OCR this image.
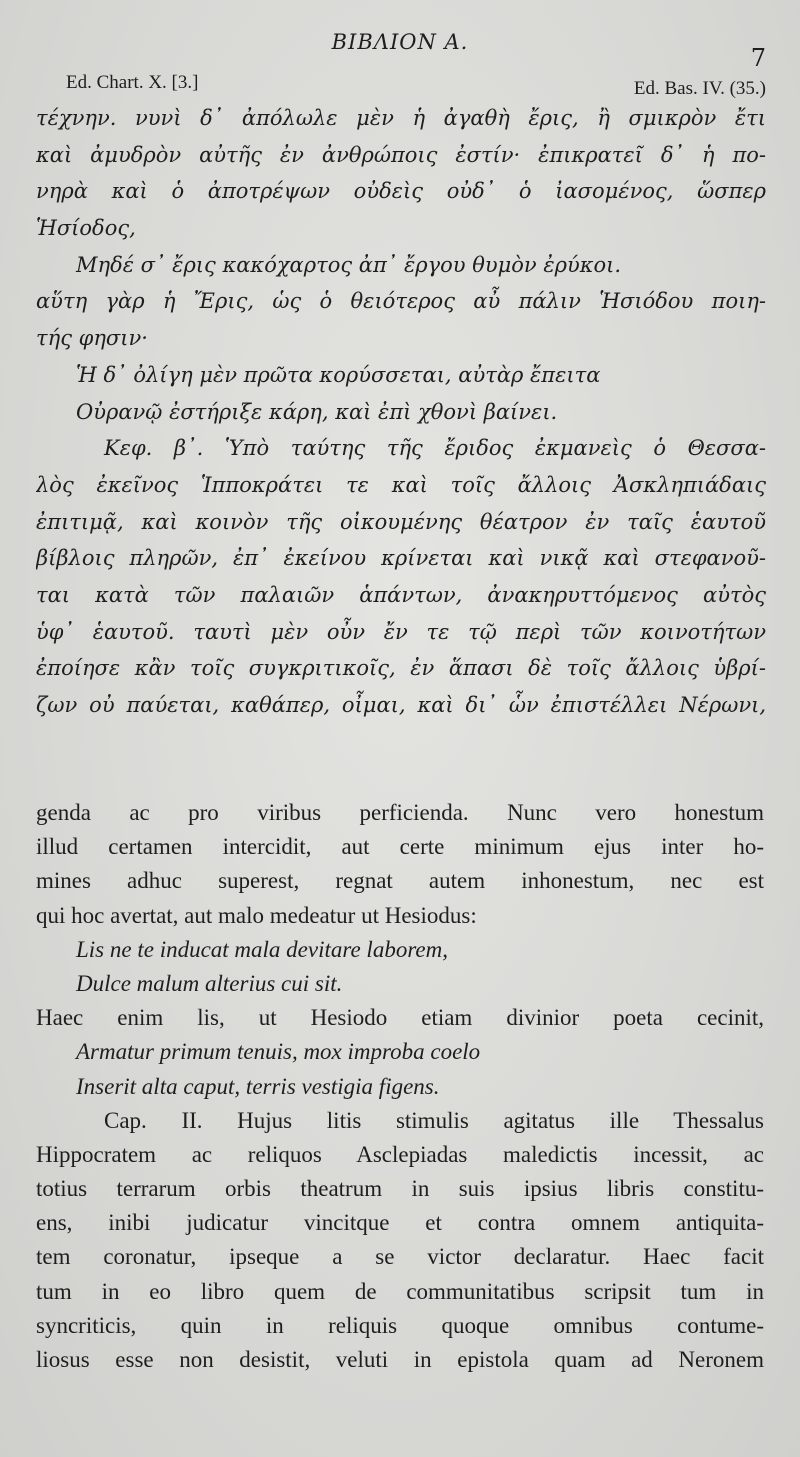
ΒΙΒΛΙΟΝ Α.
7
Ed. Chart. X. [3.]	Ed. Bas. IV. (35.)
τέχνην. νυνὶ δ᾽ ἀπόλωλε μὲν ἡ ἀγαθὴ ἔρις, ἢ σμικρὸν ἔτι
καὶ ἀμυδρὸν αὐτῆς ἐν ἀνθρώποις ἐστίν· ἐπικρατεῖ δ᾽ ἡ πο-
νηρὰ καὶ ὁ ἀποτρέψων οὐδεὶς οὐδ᾽ ὁ ἰασομένος, ὥσπερ
Ἡσίοδος,
Μηδέ σ᾽ ἔρις κακόχαρτος ἀπ᾽ ἔργου θυμὸν ἐρύκοι.
αὕτη γὰρ ἡ Ἔρις, ὡς ὁ θειότερος αὖ πάλιν Ἡσιόδου ποιη-
τής φησιν·
Ἡ δ᾽ ὀλίγη μὲν πρῶτα κορύσσεται, αὐτὰρ ἔπειτα
Οὐρανῷ ἐστήριξε κάρη, καὶ ἐπὶ χθονὶ βαίνει.
Κεφ. β᾽. Ὑπὸ ταύτης τῆς ἔριδος ἐκμανεὶς ὁ Θεσσα-
λὸς ἐκεῖνος Ἱπποκράτει τε καὶ τοῖς ἄλλοις Ἀσκληπιάδαις
ἐπιτιμᾷ, καὶ κοινὸν τῆς οἰκουμένης θέατρον ἐν ταῖς ἑαυτοῦ
βίβλοις πληρῶν, ἐπ᾽ ἐκείνου κρίνεται καὶ νικᾷ καὶ στεφανοῦ-
ται κατὰ τῶν παλαιῶν ἁπάντων, ἀνακηρυττόμενος αὐτὸς
ὑφ᾽ ἑαυτοῦ. ταυτὶ μὲν οὖν ἔν τε τῷ περὶ τῶν κοινοτήτων
ἐποίησε κἂν τοῖς συγκριτικοῖς, ἐν ἅπασι δὲ τοῖς ἄλλοις ὑβρί-
ζων οὐ παύεται, καθάπερ, οἶμαι, καὶ δι᾽ ὧν ἐπιστέλλει Νέρωνι,
genda ac pro viribus perficienda. Nunc vero honestum
illud certamen intercidit, aut certe minimum ejus inter ho-
mines adhuc superest, regnat autem inhonestum, nec est
qui hoc avertat, aut malo medeatur ut Hesiodus:
Lis ne te inducat mala devitare laborem,
Dulce malum alterius cui sit.
Haec enim lis, ut Hesiodo etiam divinior poeta cecinit,
Armatur primum tenuis, mox improba coelo
Inserit alta caput, terris vestigia figens.
Cap. II. Hujus litis stimulis agitatus ille Thessalus
Hippocratem ac reliquos Asclepiadas maledictis incessit, ac
totius terrarum orbis theatrum in suis ipsius libris constitu-
ens, inibi judicatur vincitque et contra omnem antiquita-
tem coronatur, ipseque a se victor declaratur. Haec facit
tum in eo libro quem de communitatibus scripsit tum in
syncriticis, quin in reliquis quoque omnibus contume-
liosus esse non desistit, veluti in epistola quam ad Neronem
